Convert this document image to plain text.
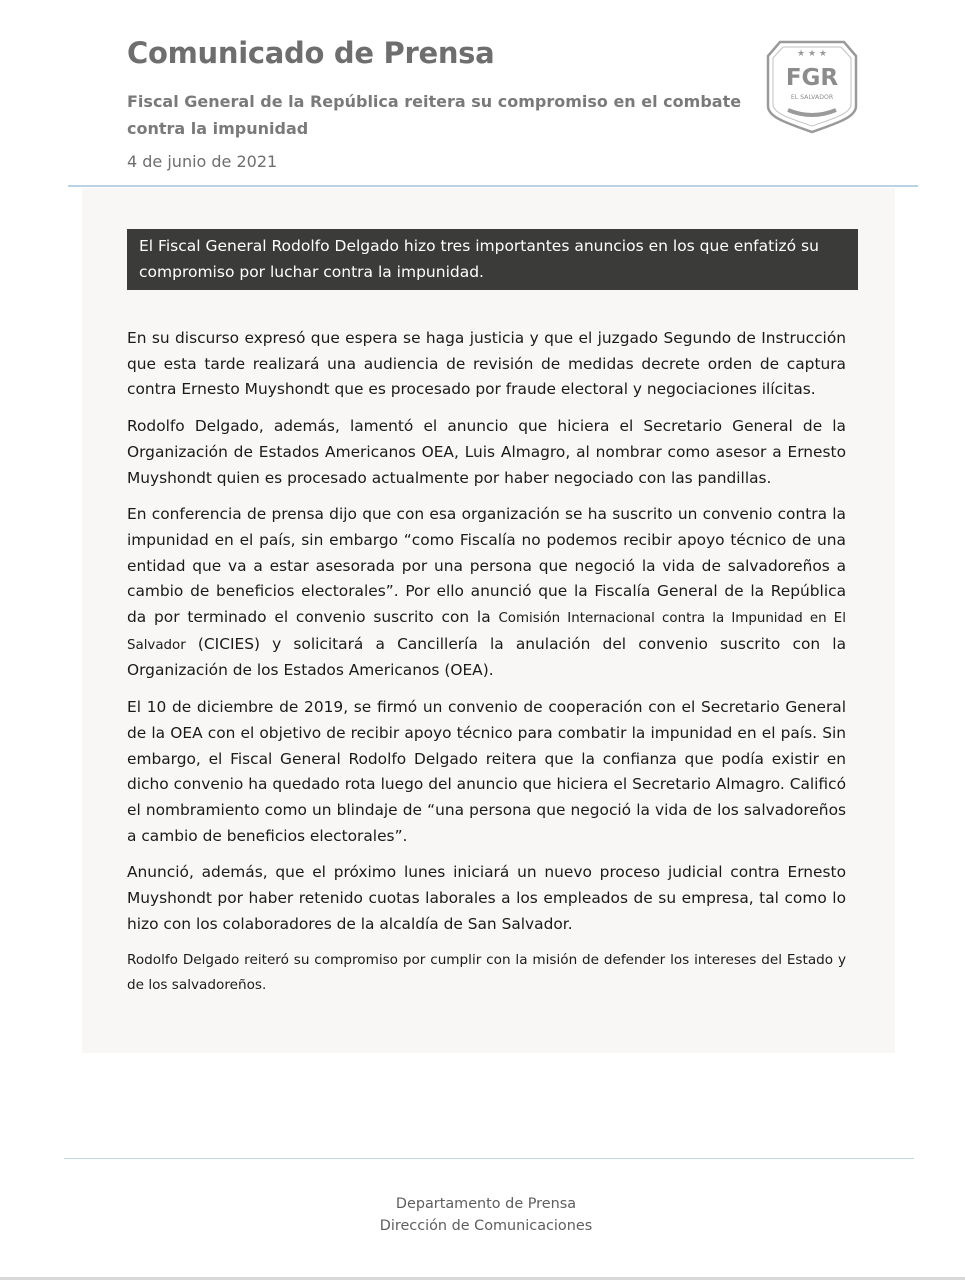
Comunicado de Prensa
Fiscal General de la República reitera su compromiso en el combate contra la impunidad
4 de junio de 2021
★ ★ ★
FGR
EL SALVADOR
El Fiscal General Rodolfo Delgado hizo tres importantes anuncios en los que enfatizó su compromiso por luchar contra la impunidad.

En su discurso expresó que espera se haga justicia y que el juzgado Segundo de Instrucción que esta tarde realizará una audiencia de revisión de medidas decrete orden de captura contra Ernesto Muyshondt que es procesado por fraude electoral y negociaciones ilícitas.

Rodolfo Delgado, además, lamentó el anuncio que hiciera el Secretario General de la Organización de Estados Americanos OEA, Luis Almagro, al nombrar como asesor a Ernesto Muyshondt quien es procesado actualmente por haber negociado con las pandillas.

En conferencia de prensa dijo que con esa organización se ha suscrito un convenio contra la impunidad en el país, sin embargo “como Fiscalía no podemos recibir apoyo técnico de una entidad que va a estar asesorada por una persona que negoció la vida de salvadoreños a cambio de beneficios electorales”. Por ello anunció que la Fiscalía General de la República da por terminado el convenio suscrito con la Comisión Internacional contra la Impunidad en El Salvador (CICIES) y solicitará a Cancillería la anulación del convenio suscrito con la Organización de los Estados Americanos (OEA).

El 10 de diciembre de 2019, se firmó un convenio de cooperación con el Secretario General de la OEA con el objetivo de recibir apoyo técnico para combatir la impunidad en el país. Sin embargo, el Fiscal General Rodolfo Delgado reitera que la confianza que podía existir en dicho convenio ha quedado rota luego del anuncio que hiciera el Secretario Almagro. Calificó el nombramiento como un blindaje de “una persona que negoció la vida de los salvadoreños a cambio de beneficios electorales”.

Anunció, además, que el próximo lunes iniciará un nuevo proceso judicial contra Ernesto Muyshondt por haber retenido cuotas laborales a los empleados de su empresa, tal como lo hizo con los colaboradores de la alcaldía de San Salvador.

Rodolfo Delgado reiteró su compromiso por cumplir con la misión de defender los intereses del Estado y de los salvadoreños.

Departamento de Prensa
Dirección de Comunicaciones
